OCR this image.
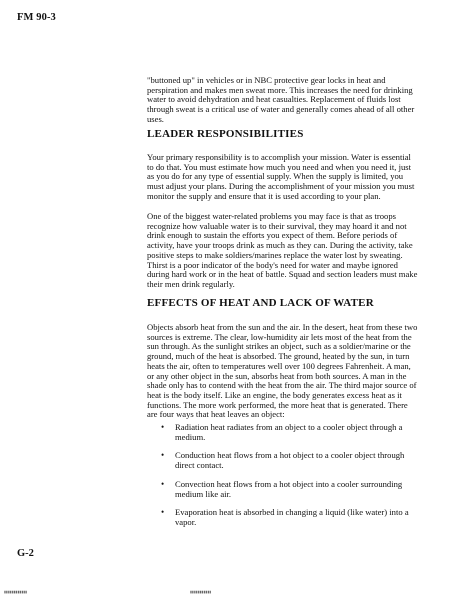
FM 90-3

"buttoned up" in vehicles or in NBC protective gear locks in heat and perspiration and makes men sweat more. This increases the need for drinking water to avoid dehydration and heat casualties. Replacement of fluids lost through sweat is a critical use of water and generally comes ahead of all other uses.

LEADER RESPONSIBILITIES

Your primary responsibility is to accomplish your mission. Water is essential to do that. You must estimate how much you need and when you need it, just as you do for any type of essential supply. When the supply is limited, you must adjust your plans. During the accomplishment of your mission you must monitor the supply and ensure that it is used according to your plan.

One of the biggest water-related problems you may face is that as troops recognize how valuable water is to their survival, they may hoard it and not drink enough to sustain the efforts you expect of them. Before periods of activity, have your troops drink as much as they can. During the activity, take positive steps to make soldiers/marines replace the water lost by sweating. Thirst is a poor indicator of the body's need for water and maybe ignored during hard work or in the heat of battle. Squad and section leaders must make their men drink regularly.

EFFECTS OF HEAT AND LACK OF WATER

Objects absorb heat from the sun and the air. In the desert, heat from these two sources is extreme. The clear, low-humidity air lets most of the heat from the sun through. As the sunlight strikes an object, such as a soldier/marine or the ground, much of the heat is absorbed. The ground, heated by the sun, in turn heats the air, often to temperatures well over 100 degrees Fahrenheit. A man, or any other object in the sun, absorbs heat from both sources. A man in the shade only has to contend with the heat from the air. The third major source of heat is the body itself. Like an engine, the body generates excess heat as it functions. The more work performed, the more heat that is generated. There are four ways that heat leaves an object:

• Radiation heat radiates from an object to a cooler object through a medium.
• Conduction heat flows from a hot object to a cooler object through direct contact.
• Convection heat flows from a hot object into a cooler surrounding medium like air.
• Evaporation heat is absorbed in changing a liquid (like water) into a vapor.
G-2
▮▮▮▮▮▮▮▮▮▮▮▮	▮▮▮▮▮▮▮▮▮▮▮
